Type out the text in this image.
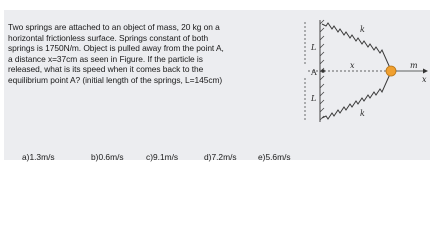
Two springs are attached to an object of mass, 20 kg on a
horizontal frictionless surface. Springs constant of both
springs is 1750N/m. Object is pulled away from the point A,
a distance x=37cm as seen in Figure. If the particle is
released, what is its speed when it comes back to the
equilibrium point A? (initial length of the springs, L=145cm)
k
k
L
L
A
x	m
x
a)1.3m/s	b)0.6m/s	c)9.1m/s	d)7.2m/s	e)5.6m/s
